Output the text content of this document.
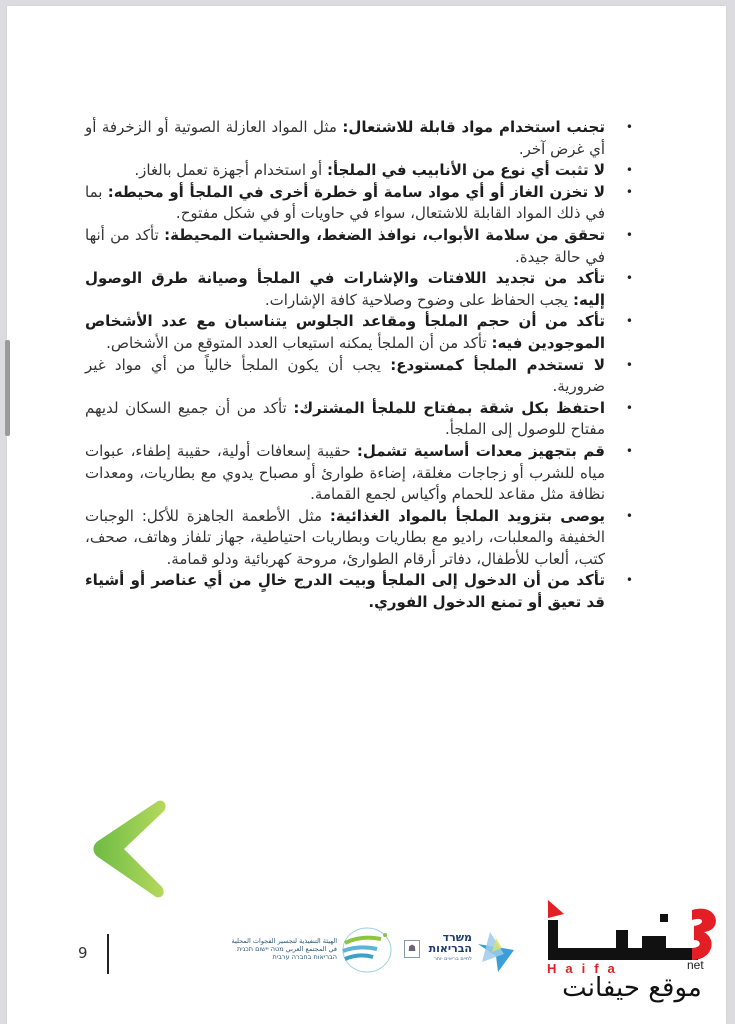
•
تجنب استخدام مواد قابلة للاشتعال: مثل المواد العازلة الصوتية أو الزخرفة أو أي غرض آخر.
•
لا تثبت أي نوع من الأنابيب في الملجأ: أو استخدام أجهزة تعمل بالغاز.
•
لا تخزن الغاز أو أي مواد سامة أو خطرة أخرى في الملجأ أو محيطه: بما في ذلك المواد القابلة للاشتعال، سواء في حاويات أو في شكل مفتوح.
•
تحقق من سلامة الأبواب، نوافذ الضغط، والحشيات المحيطة: تأكد من أنها في حالة جيدة.
•
تأكد من تجديد اللافتات والإشارات في الملجأ وصيانة طرق الوصول إليه: يجب الحفاظ على وضوح وصلاحية كافة الإشارات.
•
تأكد من أن حجم الملجأ ومقاعد الجلوس يتناسبان مع عدد الأشخاص الموجودين فيه: تأكد من أن الملجأ يمكنه استيعاب العدد المتوقع من الأشخاص.
•
لا تستخدم الملجأ كمستودع: يجب أن يكون الملجأ خالياً من أي مواد غير ضرورية.
•
احتفظ بكل شقة بمفتاح للملجأ المشترك: تأكد من أن جميع السكان لديهم مفتاح للوصول إلى الملجأ.
•
قم بتجهيز معدات أساسية تشمل: حقيبة إسعافات أولية، حقيبة إطفاء، عبوات مياه للشرب أو زجاجات مغلقة، إضاءة طوارئ أو مصباح يدوي مع بطاريات، ومعدات نظافة مثل مقاعد للحمام وأكياس لجمع القمامة.
•
يوصى بتزويد الملجأ بالمواد الغذائية: مثل الأطعمة الجاهزة للأكل: الوجبات الخفيفة والمعلبات، راديو مع بطاريات وبطاريات احتياطية، جهاز تلفاز وهاتف، صحف، كتب، ألعاب للأطفال، دفاتر أرقام الطوارئ، مروحة كهربائية ودلو قمامة.
•
تأكد من أن الدخول إلى الملجأ وبيت الدرج خالٍ من أي عناصر أو أشياء قد تعيق أو تمنع الدخول الفوري.
9
الهيئة التنفيذية لتجسير الفجوات المحلية في المجتمع العربي מטה יישום תכנית הבריאות בחברה ערבית
☗
משרד הבריאות
לחיים בריאים יותר
Haifa	net
موقع حيفانت
